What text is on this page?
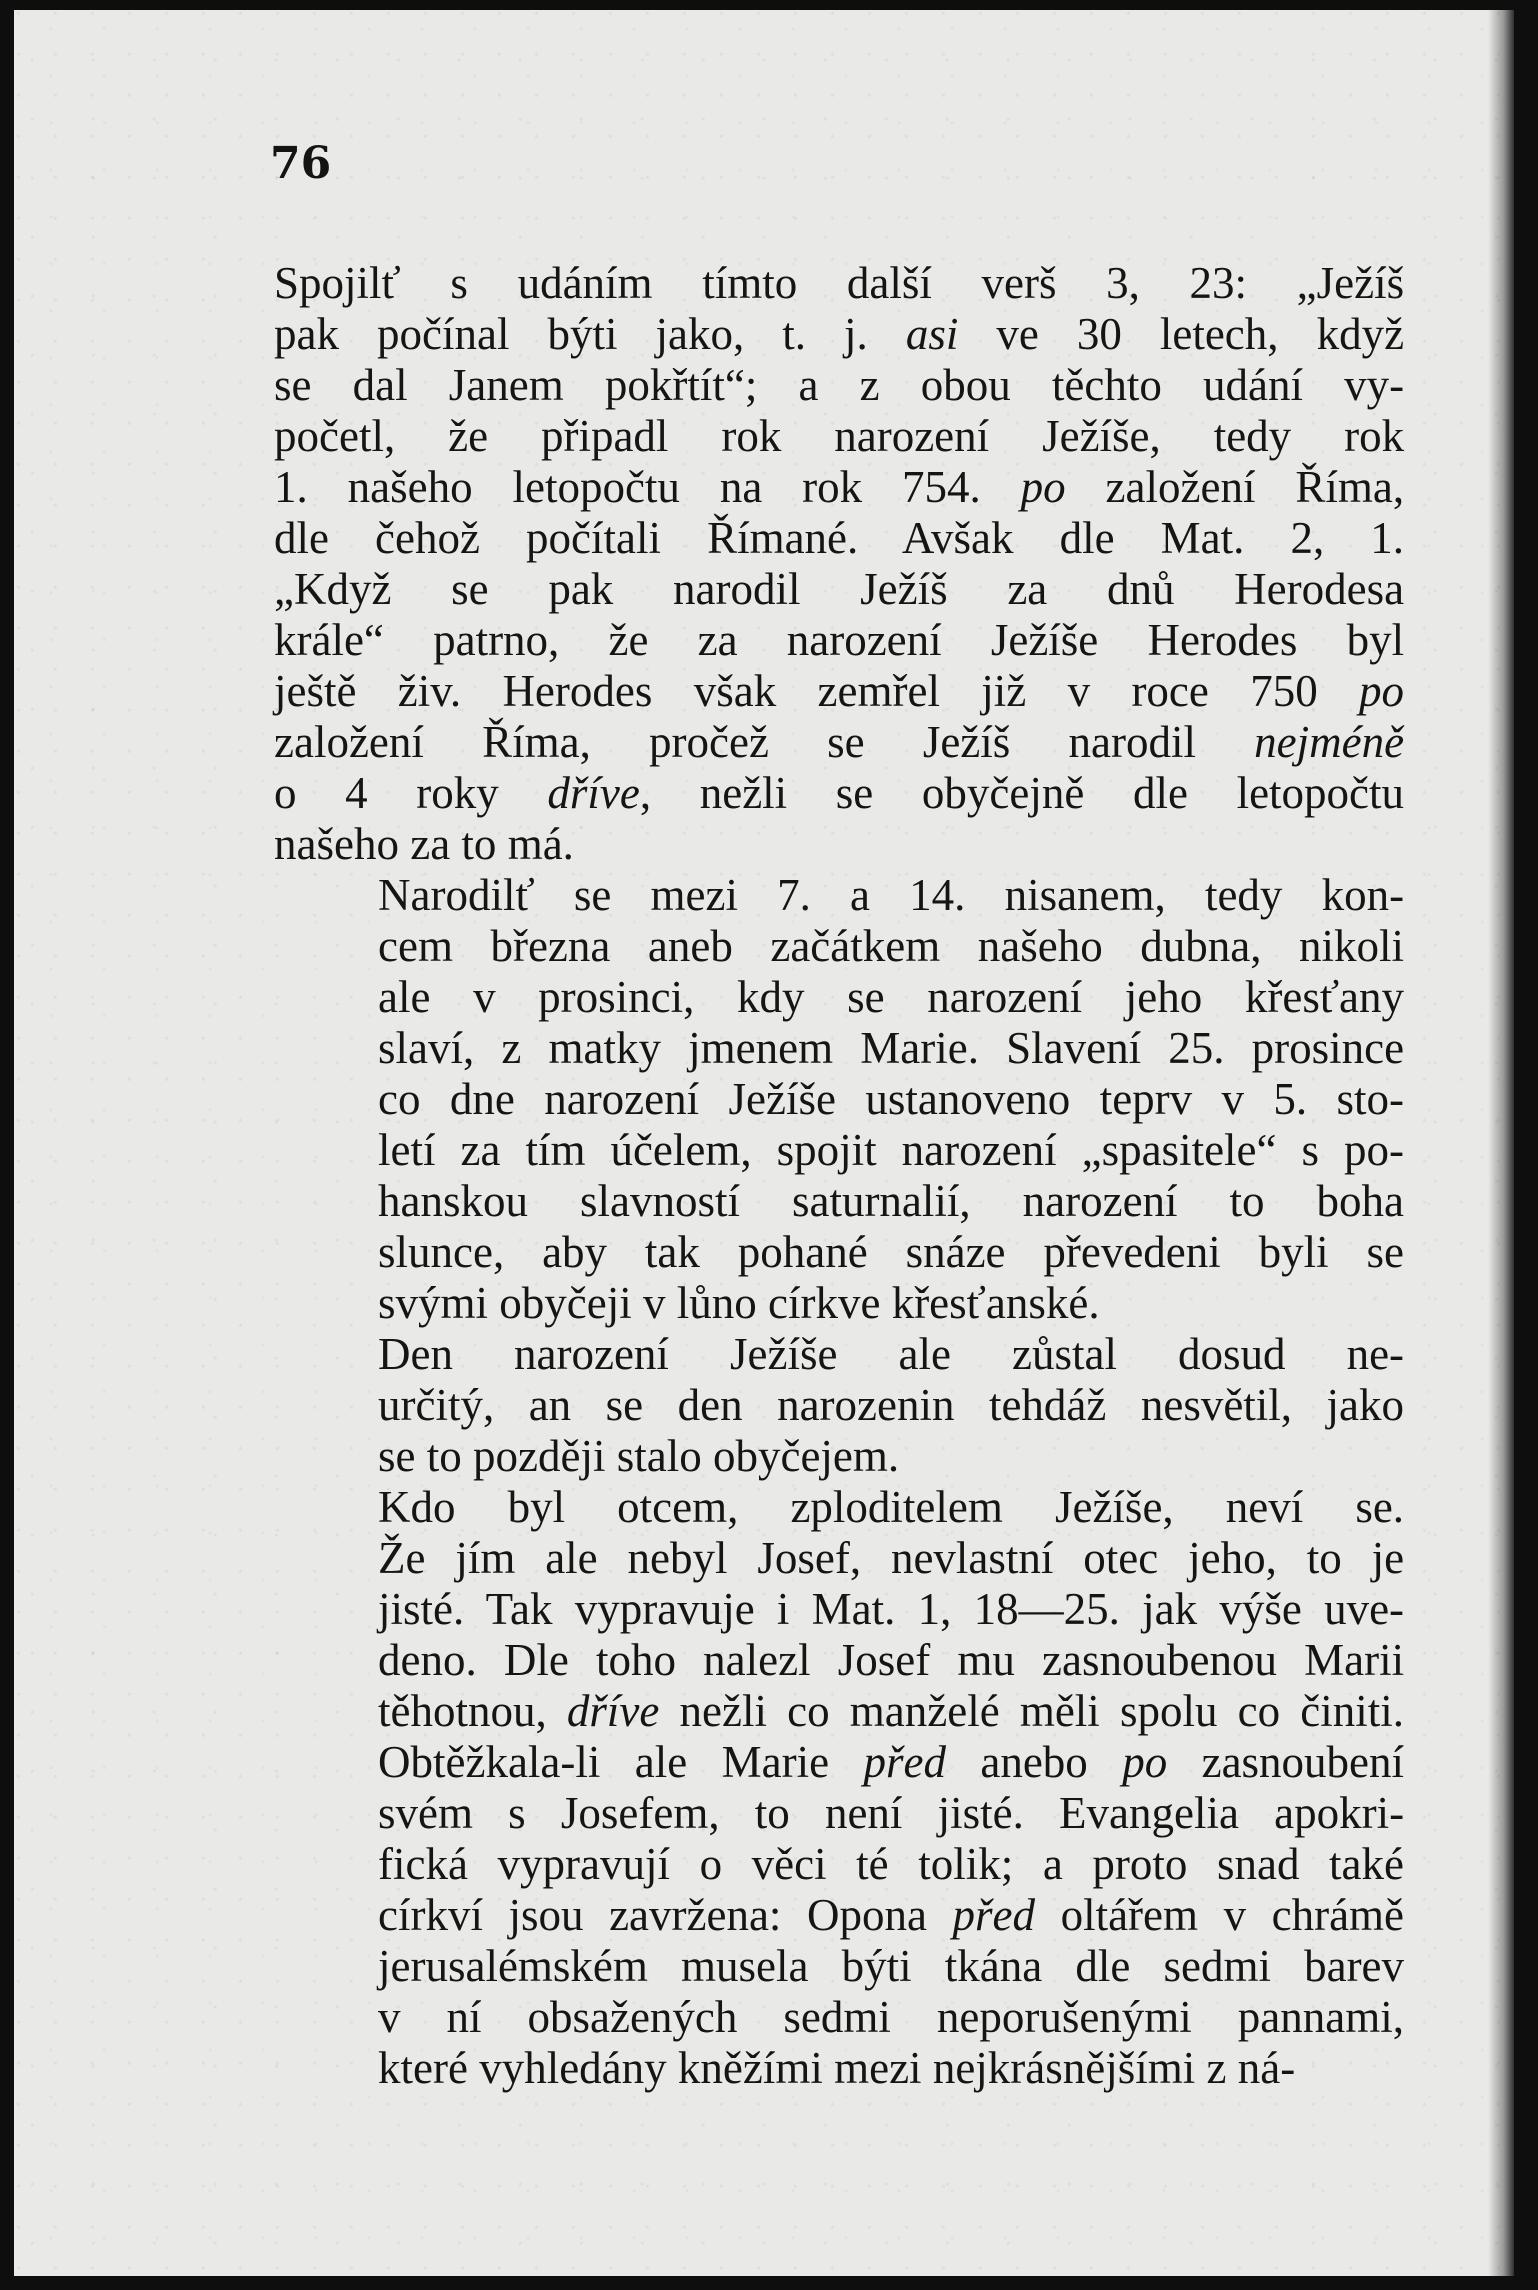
76

Spojilť s udáním tímto další verš 3, 23: „Ježíš
pak počínal býti jako, t. j. asi ve 30 letech, když
se dal Janem pokřtít“; a z obou těchto udání vy-
početl, že připadl rok narození Ježíše, tedy rok
1. našeho letopočtu na rok 754. po založení Říma,
dle čehož počítali Římané. Avšak dle Mat. 2, 1.
„Když se pak narodil Ježíš za dnů Herodesa
krále“ patrno, že za narození Ježíše Herodes byl
ještě živ. Herodes však zemřel již v roce 750 po
založení Říma, pročež se Ježíš narodil nejméně
o 4 roky dříve, nežli se obyčejně dle letopočtu
našeho za to má.

Narodilť se mezi 7. a 14. nisanem, tedy kon-
cem března aneb začátkem našeho dubna, nikoli
ale v prosinci, kdy se narození jeho křesťany
slaví, z matky jmenem Marie. Slavení 25. prosince
co dne narození Ježíše ustanoveno teprv v 5. sto-
letí za tím účelem, spojit narození „spasitele“ s po-
hanskou slavností saturnalií, narození to boha
slunce, aby tak pohané snáze převedeni byli se
svými obyčeji v lůno církve křesťanské.

Den narození Ježíše ale zůstal dosud ne-
určitý, an se den narozenin tehdáž nesvětil, jako
se to později stalo obyčejem.

Kdo byl otcem, zploditelem Ježíše, neví se.
Že jím ale nebyl Josef, nevlastní otec jeho, to je
jisté. Tak vypravuje i Mat. 1, 18—25. jak výše uve-
deno. Dle toho nalezl Josef mu zasnoubenou Marii
těhotnou, dříve nežli co manželé měli spolu co činiti.
Obtěžkala-li ale Marie před anebo po zasnoubení
svém s Josefem, to není jisté. Evangelia apokri-
fická vypravují o věci té tolik; a proto snad také
církví jsou zavržena: Opona před oltářem v chrámě
jerusalémském musela býti tkána dle sedmi barev
v ní obsažených sedmi neporušenými pannami,
které vyhledány kněžími mezi nejkrásnějšími z ná-
